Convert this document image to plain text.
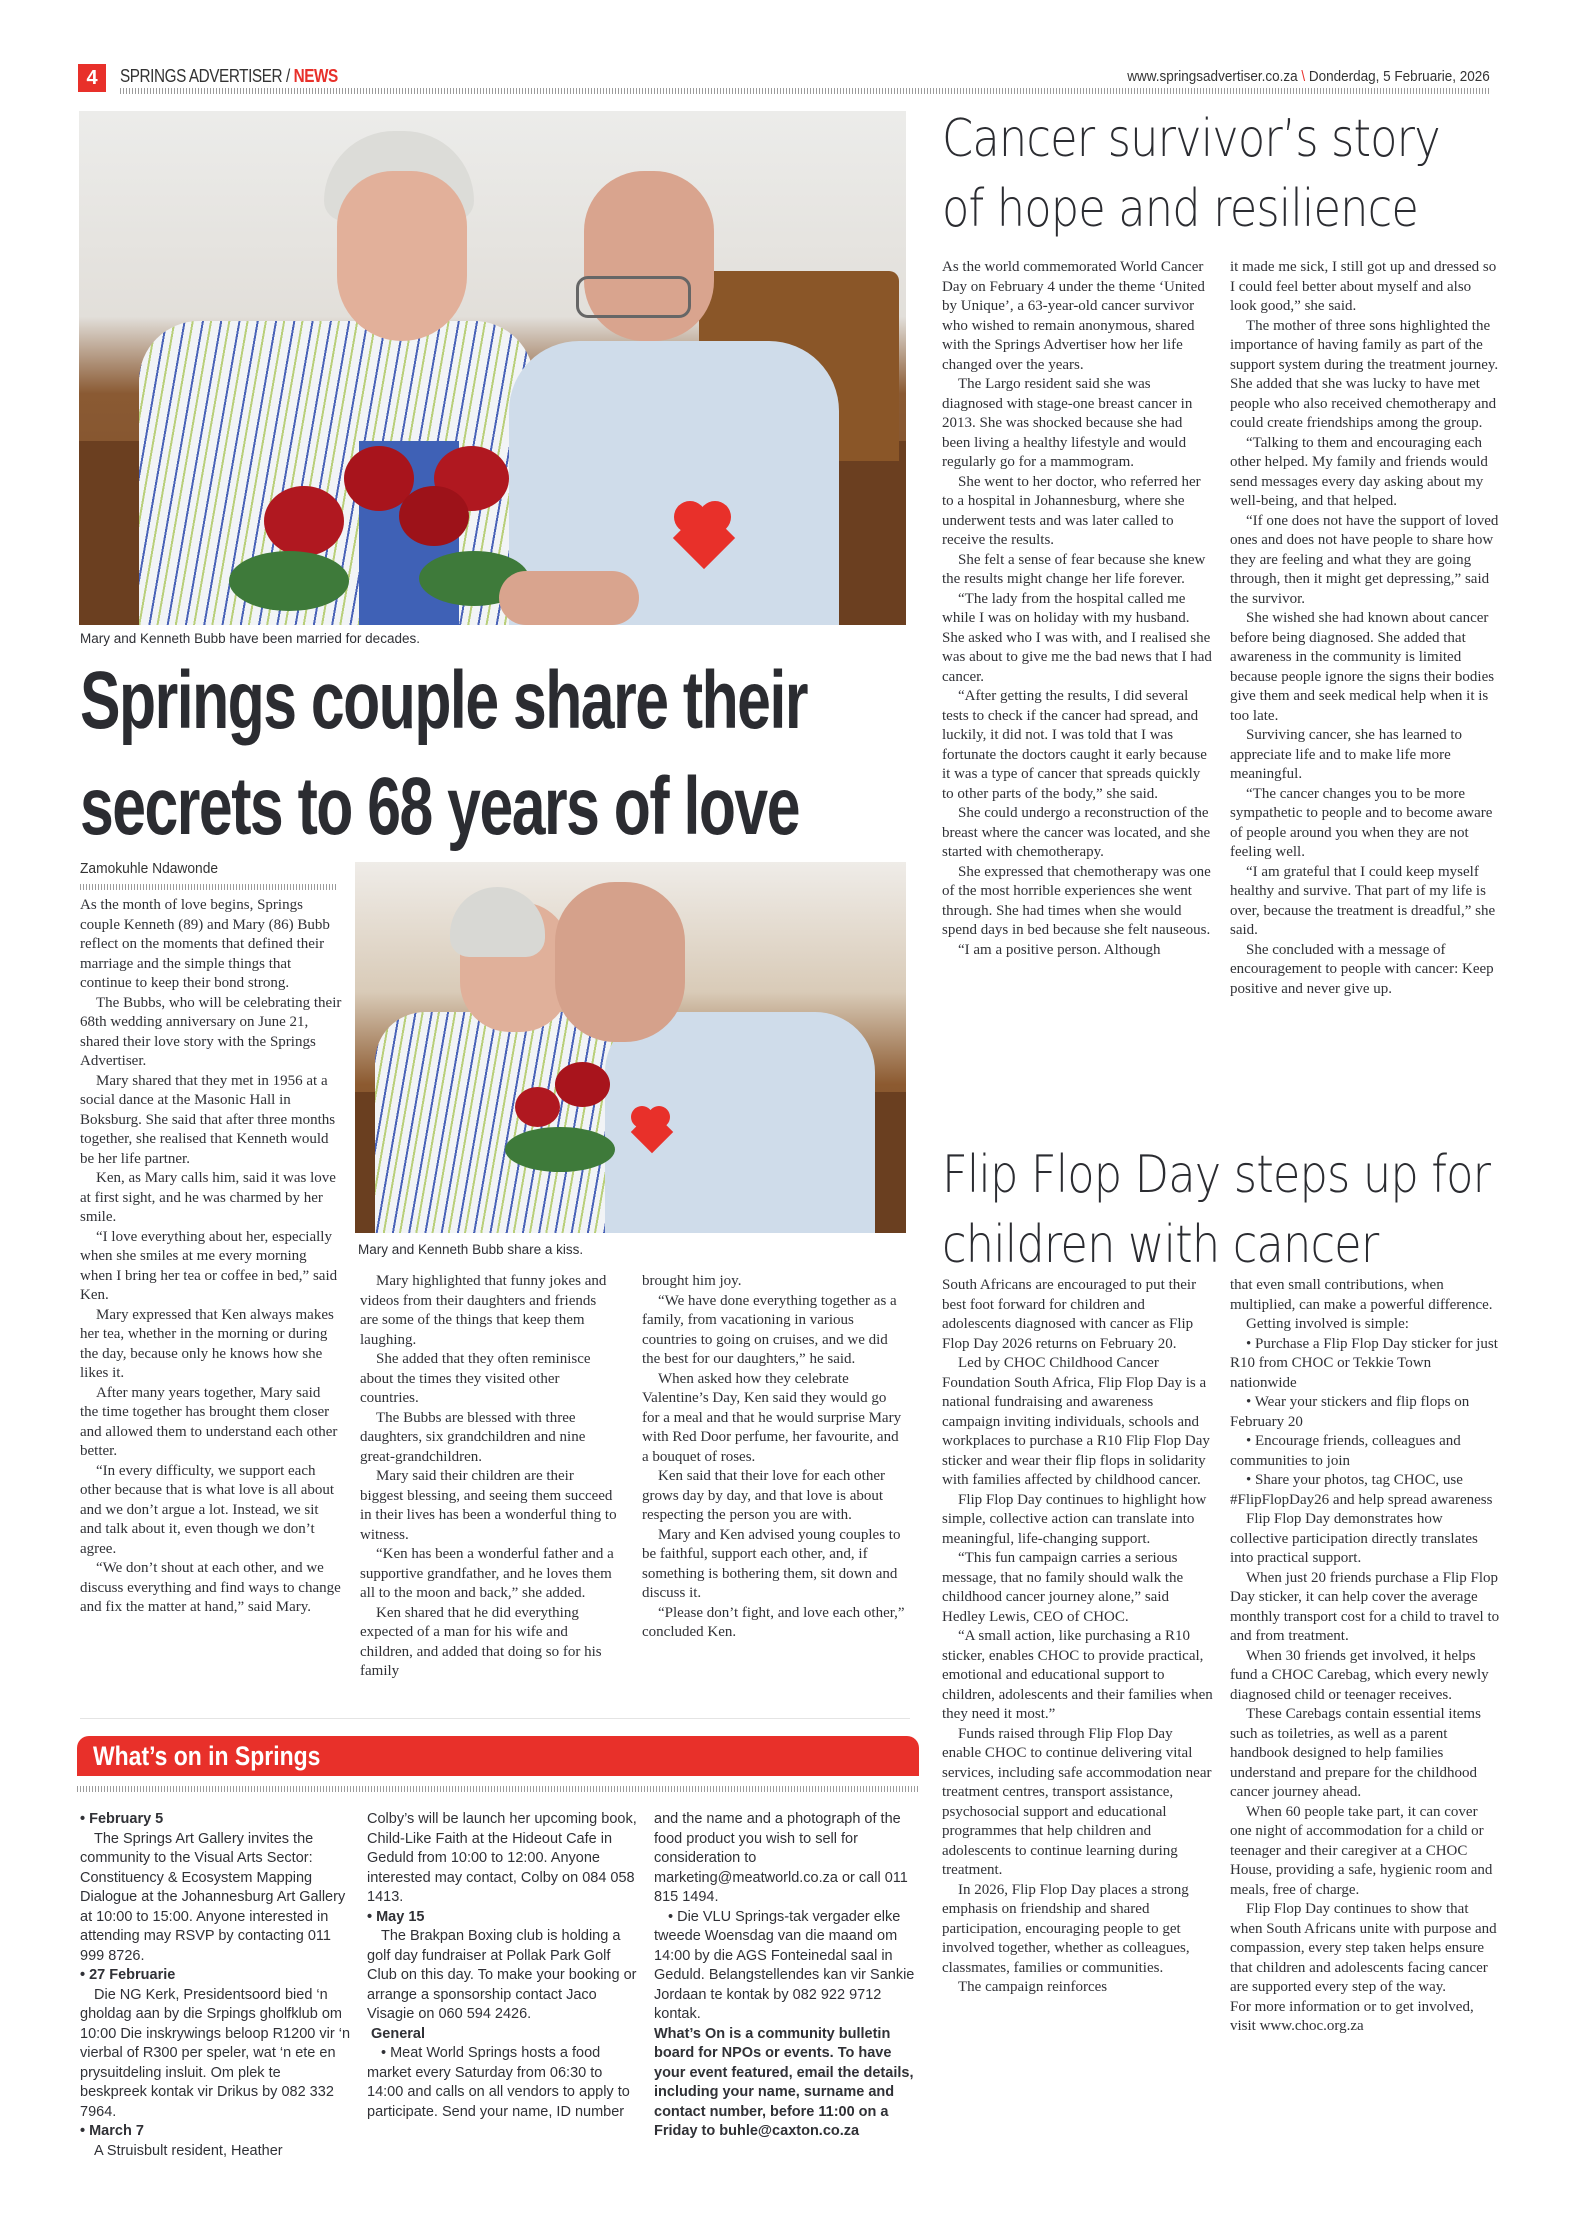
4	SPRINGS ADVERTISER / NEWS	www.springsadvertiser.co.za \ Donderdag, 5 Februarie, 2026
Mary and Kenneth Bubb have been married for decades.
Springs couple share their
secrets to 68 years of love
Zamokuhle Ndawonde

As the month of love begins, Springs couple Kenneth (89) and Mary (86) Bubb reflect on the moments that defined their marriage and the simple things that continue to keep their bond strong.

The Bubbs, who will be celebrating their 68th wedding anniversary on June 21, shared their love story with the Springs Advertiser.

Mary shared that they met in 1956 at a social dance at the Masonic Hall in Boksburg. She said that after three months together, she realised that Kenneth would be her life partner.

Ken, as Mary calls him, said it was love at first sight, and he was charmed by her smile.

“I love everything about her, especially when she smiles at me every morning when I bring her tea or coffee in bed,” said Ken.

Mary expressed that Ken always makes her tea, whether in the morning or during the day, because only he knows how she likes it.

After many years together, Mary said the time together has brought them closer and allowed them to understand each other better.

“In every difficulty, we support each other because that is what love is all about and we don’t argue a lot. Instead, we sit and talk about it, even though we don’t agree.

“We don’t shout at each other, and we discuss everything and find ways to change and fix the matter at hand,” said Mary.

Mary and Kenneth Bubb share a kiss.

Mary highlighted that funny jokes and videos from their daughters and friends are some of the things that keep them laughing.

She added that they often reminisce about the times they visited other countries.

The Bubbs are blessed with three daughters, six grandchildren and nine great-grandchildren.

Mary said their children are their biggest blessing, and seeing them succeed in their lives has been a wonderful thing to witness.

“Ken has been a wonderful father and a supportive grandfather, and he loves them all to the moon and back,” she added.

Ken shared that he did everything expected of a man for his wife and children, and added that doing so for his family

brought him joy.

“We have done everything together as a family, from vacationing in various countries to going on cruises, and we did the best for our daughters,” he said.

When asked how they celebrate Valentine’s Day, Ken said they would go for a meal and that he would surprise Mary with Red Door perfume, her favourite, and a bouquet of roses.

Ken said that their love for each other grows day by day, and that love is about respecting the person you are with.

Mary and Ken advised young couples to be faithful, support each other, and, if something is bothering them, sit down and discuss it.

“Please don’t fight, and love each other,” concluded Ken.

Cancer survivor’s story
of hope and resilience

As the world commemorated World Cancer Day on February 4 under the theme ‘United by Unique’, a 63-year-old cancer survivor who wished to remain anonymous, shared with the Springs Advertiser how her life changed over the years.

The Largo resident said she was diagnosed with stage-one breast cancer in 2013. She was shocked because she had been living a healthy lifestyle and would regularly go for a mammogram.

She went to her doctor, who referred her to a hospital in Johannesburg, where she underwent tests and was later called to receive the results.

She felt a sense of fear because she knew the results might change her life forever.

“The lady from the hospital called me while I was on holiday with my husband. She asked who I was with, and I realised she was about to give me the bad news that I had cancer.

“After getting the results, I did several tests to check if the cancer had spread, and luckily, it did not. I was told that I was fortunate the doctors caught it early because it was a type of cancer that spreads quickly to other parts of the body,” she said.

She could undergo a reconstruction of the breast where the cancer was located, and she started with chemotherapy.

She expressed that chemotherapy was one of the most horrible experiences she went through. She had times when she would spend days in bed because she felt nauseous.

“I am a positive person. Although

it made me sick, I still got up and dressed so I could feel better about myself and also look good,” she said.

The mother of three sons highlighted the importance of having family as part of the support system during the treatment journey. She added that she was lucky to have met people who also received chemotherapy and could create friendships among the group.

“Talking to them and encouraging each other helped. My family and friends would send messages every day asking about my well-being, and that helped.

“If one does not have the support of loved ones and does not have people to share how they are feeling and what they are going through, then it might get depressing,” said the survivor.

She wished she had known about cancer before being diagnosed. She added that awareness in the community is limited because people ignore the signs their bodies give them and seek medical help when it is too late.

Surviving cancer, she has learned to appreciate life and to make life more meaningful.

“The cancer changes you to be more sympathetic to people and to become aware of people around you when they are not feeling well.

“I am grateful that I could keep myself healthy and survive. That part of my life is over, because the treatment is dreadful,” she said.

She concluded with a message of encouragement to people with cancer: Keep positive and never give up.

Flip Flop Day steps up for
children with cancer

South Africans are encouraged to put their best foot forward for children and adolescents diagnosed with cancer as Flip Flop Day 2026 returns on February 20.

Led by CHOC Childhood Cancer Foundation South Africa, Flip Flop Day is a national fundraising and awareness campaign inviting individuals, schools and workplaces to purchase a R10 Flip Flop Day sticker and wear their flip flops in solidarity with families affected by childhood cancer.

Flip Flop Day continues to highlight how simple, collective action can translate into meaningful, life-changing support.

“This fun campaign carries a serious message, that no family should walk the childhood cancer journey alone,” said Hedley Lewis, CEO of CHOC.

“A small action, like purchasing a R10 sticker, enables CHOC to provide practical, emotional and educational support to children, adolescents and their families when they need it most.”

Funds raised through Flip Flop Day enable CHOC to continue delivering vital services, including safe accommodation near treatment centres, transport assistance, psychosocial support and educational programmes that help children and adolescents to continue learning during treatment.

In 2026, Flip Flop Day places a strong emphasis on friendship and shared participation, encouraging people to get involved together, whether as colleagues, classmates, families or communities.

The campaign reinforces

that even small contributions, when multiplied, can make a powerful difference.

Getting involved is simple:

• Purchase a Flip Flop Day sticker for just R10 from CHOC or Tekkie Town nationwide

• Wear your stickers and flip flops on February 20

• Encourage friends, colleagues and communities to join

• Share your photos, tag CHOC, use #FlipFlopDay26 and help spread awareness

Flip Flop Day demonstrates how collective participation directly translates into practical support.

When just 20 friends purchase a Flip Flop Day sticker, it can help cover the average monthly transport cost for a child to travel to and from treatment.

When 30 friends get involved, it helps fund a CHOC Carebag, which every newly diagnosed child or teenager receives.

These Carebags contain essential items such as toiletries, as well as a parent handbook designed to help families understand and prepare for the childhood cancer journey ahead.

When 60 people take part, it can cover one night of accommodation for a child or teenager and their caregiver at a CHOC House, providing a safe, hygienic room and meals, free of charge.

Flip Flop Day continues to show that when South Africans unite with purpose and compassion, every step taken helps ensure that children and adolescents facing cancer are supported every step of the way.

For more information or to get involved, visit www.choc.org.za

What’s on in Springs
• February 5
The Springs Art Gallery invites the community to the Visual Arts Sector: Constituency & Ecosystem Mapping Dialogue at the Johannesburg Art Gallery at 10:00 to 15:00. Anyone interested in attending may RSVP by contacting 011 999 8726.
• 27 Februarie
Die NG Kerk, Presidentsoord bied ‘n gholdag aan by die Srpings gholfklub om 10:00 Die inskrywings beloop R1200 vir ‘n vierbal of R300 per speler, wat ‘n ete en prysuitdeling insluit. Om plek te beskpreek kontak vir Drikus by 082 332 7964.
• March 7
A Struisbult resident, Heather
Colby’s will be launch her upcoming book, Child-Like Faith at the Hideout Cafe in Geduld from 10:00 to 12:00. Anyone interested may contact, Colby on 084 058 1413.
• May 15
The Brakpan Boxing club is holding a golf day fundraiser at Pollak Park Golf Club on this day. To make your booking or arrange a sponsorship contact Jaco Visagie on 060 594 2426.
General
• Meat World Springs hosts a food market every Saturday from 06:30 to 14:00 and calls on all vendors to apply to participate. Send your name, ID number
and the name and a photograph of the food product you wish to sell for consideration to marketing@meatworld.co.za or call 011 815 1494.
• Die VLU Springs-tak vergader elke tweede Woensdag van die maand om 14:00 by die AGS Fonteinedal saal in Geduld. Belangstellendes kan vir Sankie Jordaan te kontak by 082 922 9712 kontak.
What’s On is a community bulletin board for NPOs or events. To have your event featured, email the details, including your name, surname and contact number, before 11:00 on a Friday to buhle@caxton.co.za
